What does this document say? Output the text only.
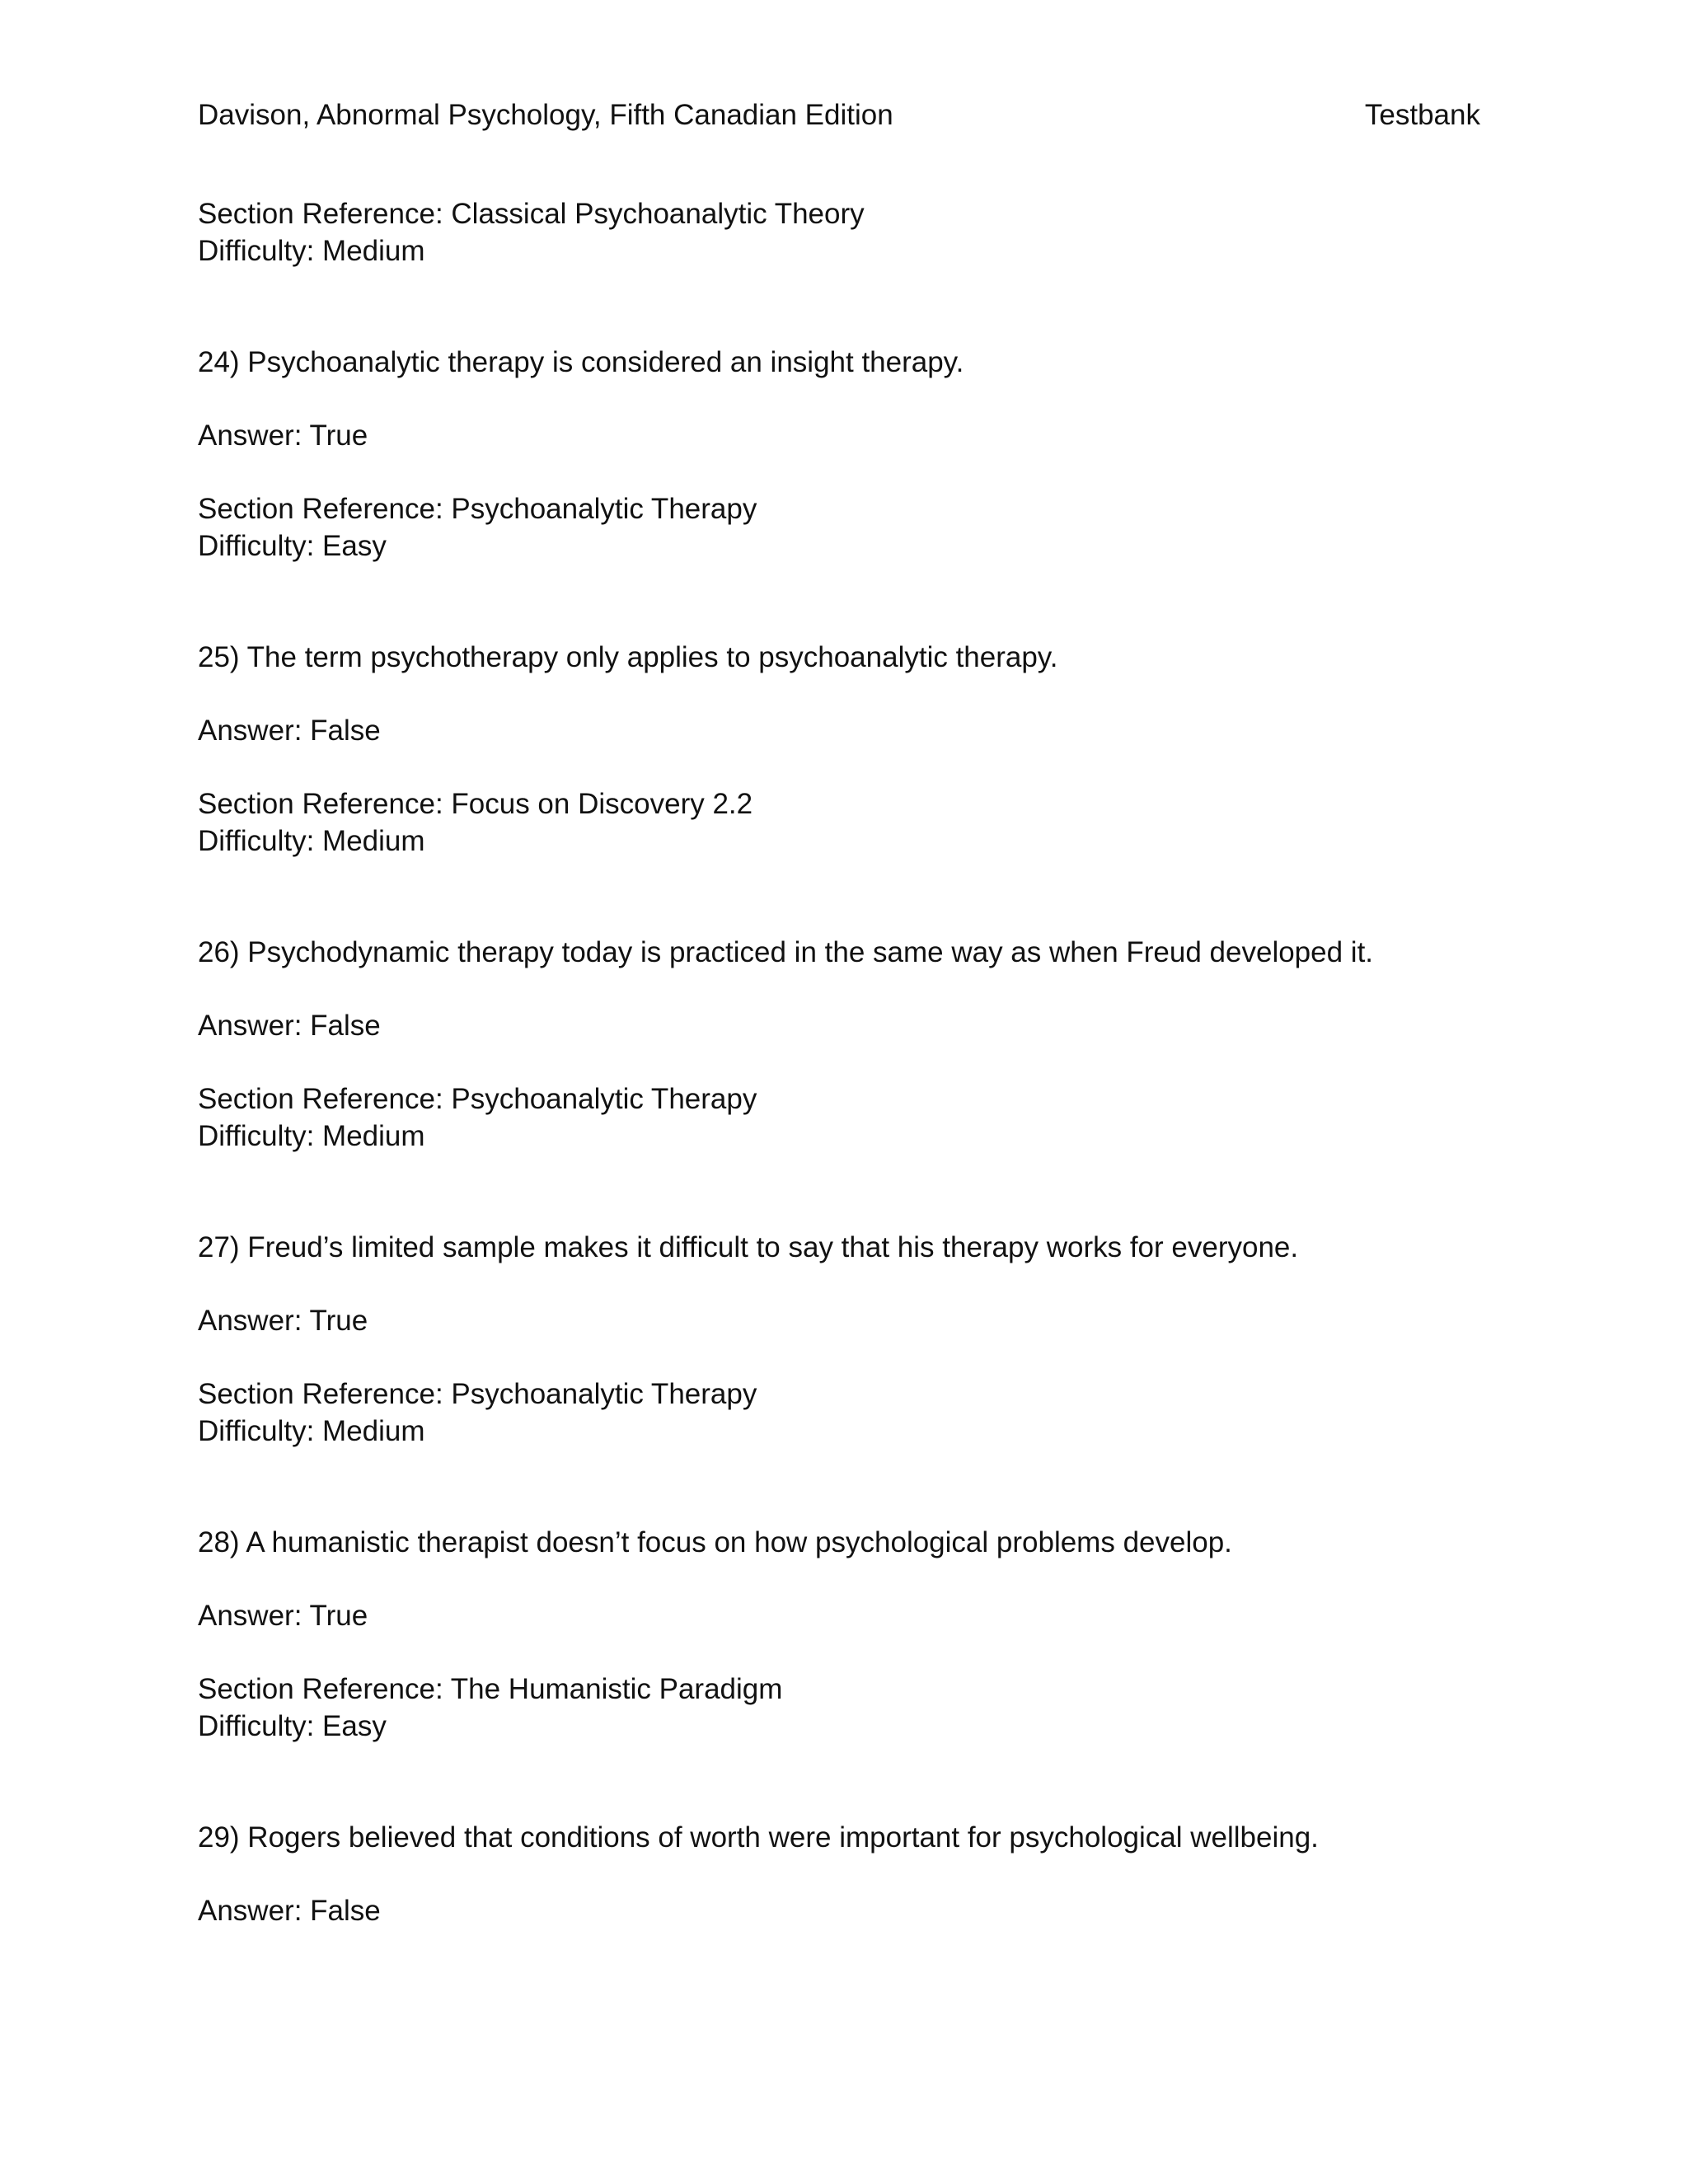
Davison, Abnormal Psychology, Fifth Canadian Edition	Testbank

Section Reference: Classical Psychoanalytic Theory

Difficulty: Medium

24) Psychoanalytic therapy is considered an insight therapy.

Answer: True

Section Reference: Psychoanalytic Therapy

Difficulty: Easy

25) The term psychotherapy only applies to psychoanalytic therapy.

Answer: False

Section Reference: Focus on Discovery 2.2

Difficulty: Medium

26) Psychodynamic therapy today is practiced in the same way as when Freud developed it.

Answer: False

Section Reference: Psychoanalytic Therapy

Difficulty: Medium

27) Freud’s limited sample makes it difficult to say that his therapy works for everyone.

Answer: True

Section Reference: Psychoanalytic Therapy

Difficulty: Medium

28) A humanistic therapist doesn’t focus on how psychological problems develop.

Answer: True

Section Reference: The Humanistic Paradigm

Difficulty: Easy

29) Rogers believed that conditions of worth were important for psychological wellbeing.

Answer: False
